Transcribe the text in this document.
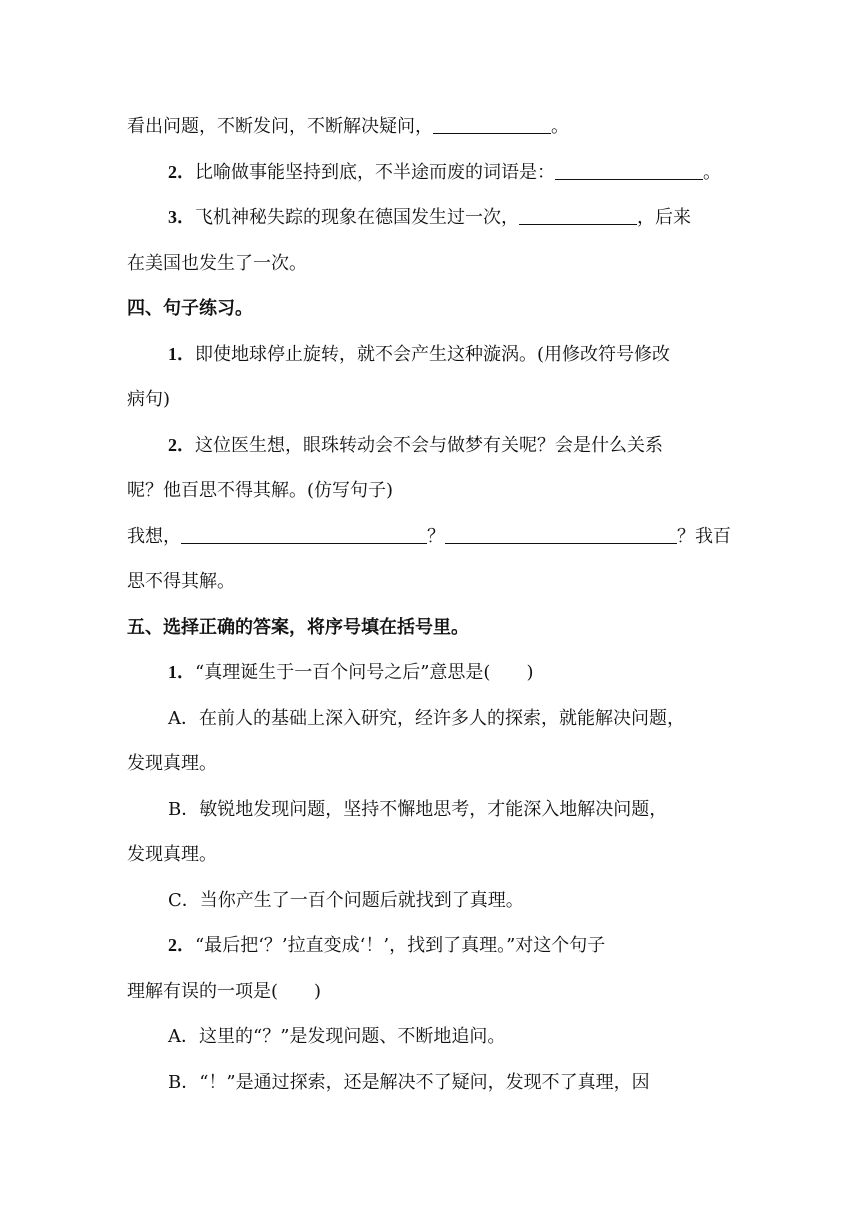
看出问题，不断发问，不断解决疑问，	。
2．比喻做事能坚持到底，不半途而废的词语是：	。
3．飞机神秘失踪的现象在德国发生过一次，	，后来
在美国也发生了一次。
四、句子练习。
1．即使地球停止旋转，就不会产生这种漩涡。(用修改符号修改
病句)
2．这位医生想，眼珠转动会不会与做梦有关呢？会是什么关系
呢？他百思不得其解。(仿写句子)
我想，	？	？我百
思不得其解。
五、选择正确的答案，将序号填在括号里。
1．“真理诞生于一百个问号之后”意思是( )
A．在前人的基础上深入研究，经许多人的探索，就能解决问题，
发现真理。
B．敏锐地发现问题，坚持不懈地思考，才能深入地解决问题，
发现真理。
C．当你产生了一百个问题后就找到了真理。
2．“最后把‘？’拉直变成‘！’，找到了真理。”对这个句子
理解有误的一项是( )
A．这里的“？”是发现问题、不断地追问。
B．“！”是通过探索，还是解决不了疑问，发现不了真理，因
